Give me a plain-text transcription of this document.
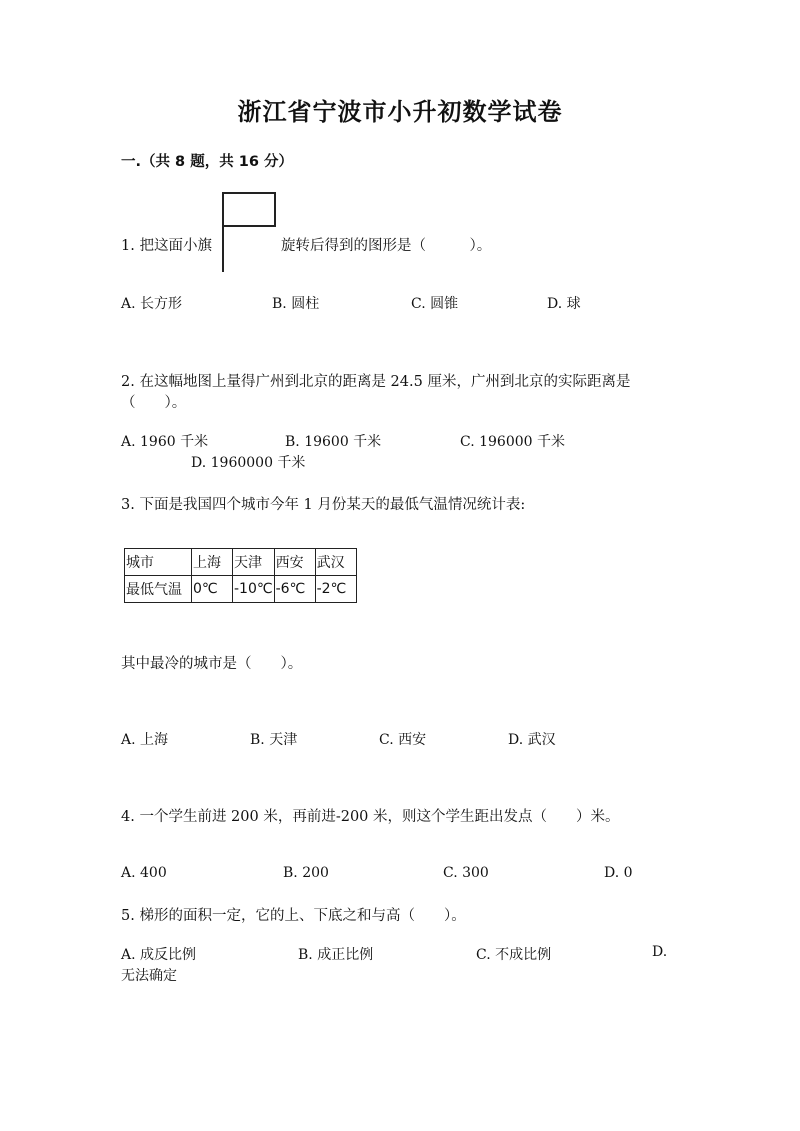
浙江省宁波市小升初数学试卷
一.（共 8 题，共 16 分）
1. 把这面小旗	旋转后得到的图形是（　　　）。
A. 长方形	B. 圆柱	C. 圆锥	D. 球
2. 在这幅地图上量得广州到北京的距离是 24.5 厘米，广州到北京的实际距离是
（　　）。
A. 1960 千米	B. 19600 千米	C. 196000 千米
D. 1960000 千米
3. 下面是我国四个城市今年 1 月份某天的最低气温情况统计表:
城市	上海	天津	西安	武汉
最低气温	0℃	-10℃	-6℃	-2℃
其中最冷的城市是（　　）。
A. 上海	B. 天津	C. 西安	D. 武汉
4. 一个学生前进 200 米，再前进-200 米，则这个学生距出发点（　　）米。
A. 400	B. 200	C. 300	D. 0
5. 梯形的面积一定，它的上、下底之和与高（　　）。
A. 成反比例	B. 成正比例	C. 不成比例	D.
无法确定
